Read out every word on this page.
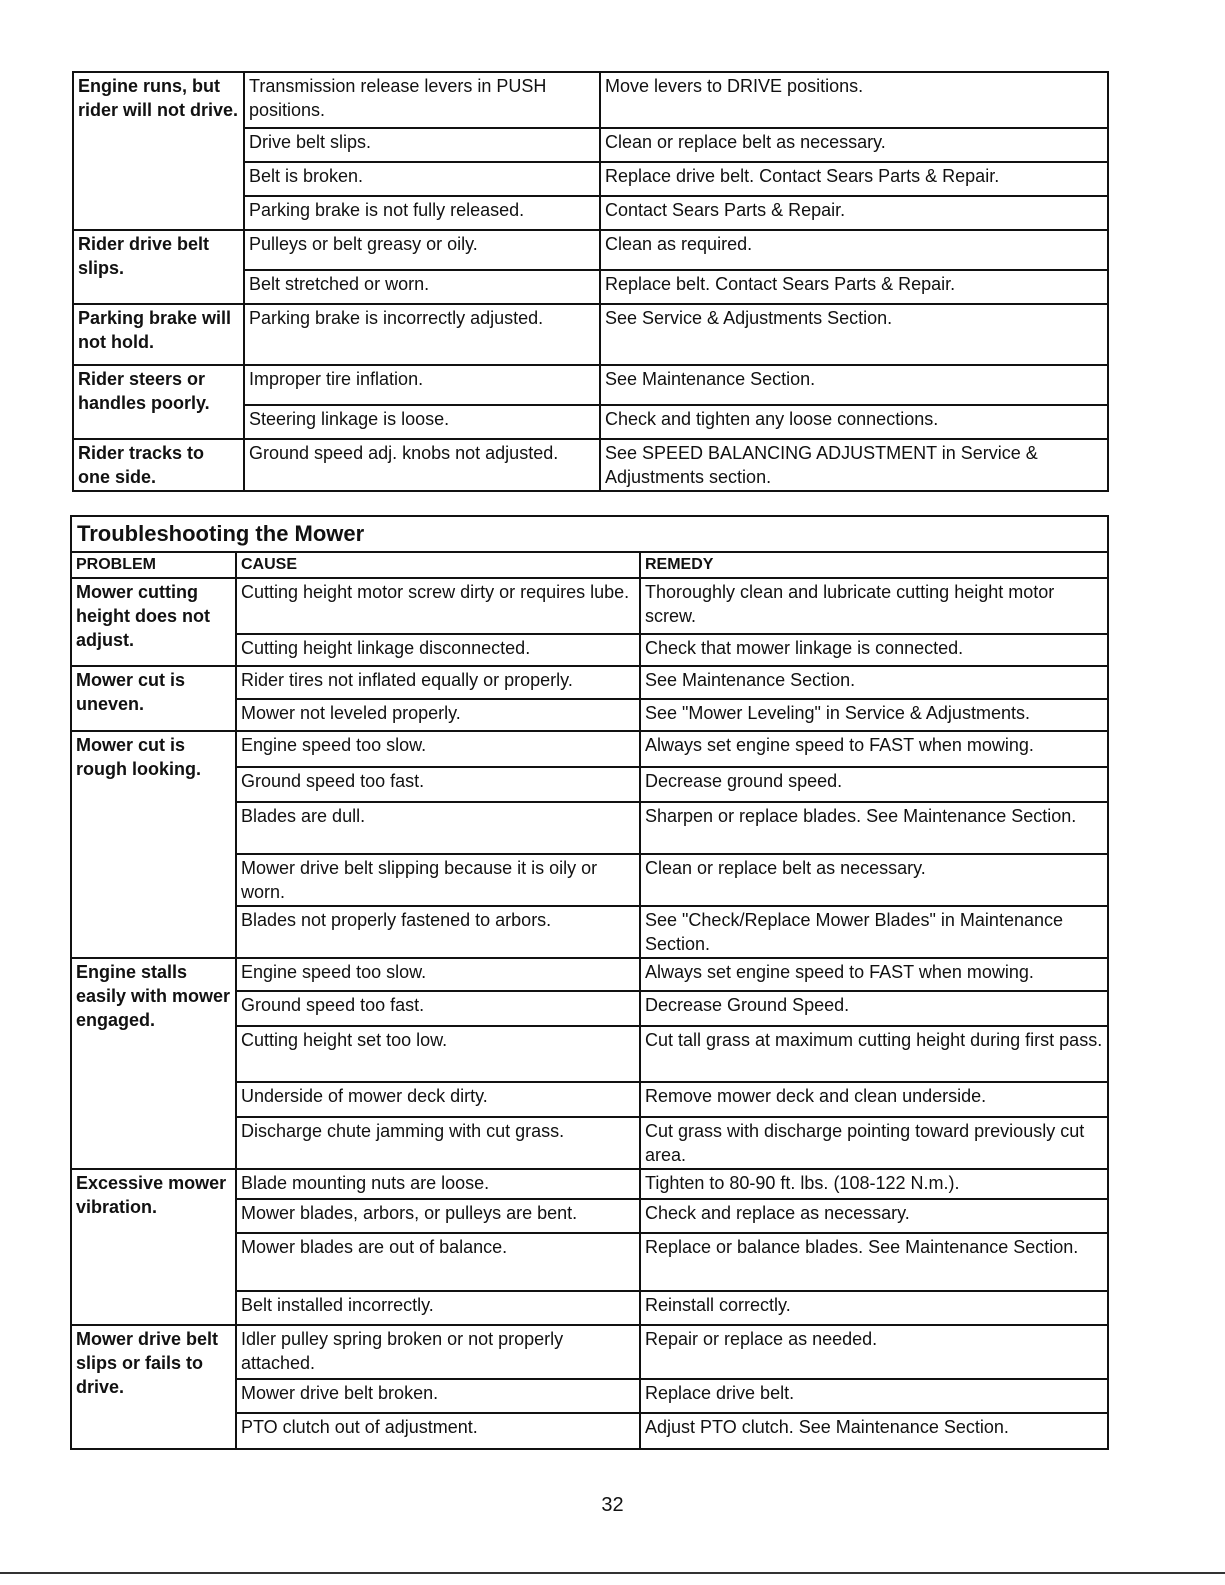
Engine runs, but rider will not drive.	Transmission release levers in PUSH positions.	Move levers to DRIVE positions.
	Drive belt slips.	Clean or replace belt as necessary.
	Belt is broken.	Replace drive belt. Contact Sears Parts & Repair.
	Parking brake is not fully released.	Contact Sears Parts & Repair.
Rider drive belt slips.	Pulleys or belt greasy or oily.	Clean as required.
	Belt stretched or worn.	Replace belt. Contact Sears Parts & Repair.
Parking brake will not hold.	Parking brake is incorrectly adjusted.	See Service & Adjustments Section.
Rider steers or handles poorly.	Improper tire inflation.	See Maintenance Section.
	Steering linkage is loose.	Check and tighten any loose connections.
Rider tracks to one side.	Ground speed adj. knobs not adjusted.	See SPEED BALANCING ADJUSTMENT in Service & Adjustments section.
Troubleshooting the Mower		
PROBLEM	CAUSE	REMEDY
Mower cutting height does not adjust.	Cutting height motor screw dirty or requires lube.	Thoroughly clean and lubricate cutting height motor screw.
	Cutting height linkage disconnected.	Check that mower linkage is connected.
Mower cut is uneven.	Rider tires not inflated equally or properly.	See Maintenance Section.
	Mower not leveled properly.	See "Mower Leveling" in Service & Adjustments.
Mower cut is rough looking.	Engine speed too slow.	Always set engine speed to FAST when mowing.
	Ground speed too fast.	Decrease ground speed.
	Blades are dull.	Sharpen or replace blades. See Maintenance Section.
	Mower drive belt slipping because it is oily or worn.	Clean or replace belt as necessary.
	Blades not properly fastened to arbors.	See "Check/Replace Mower Blades" in Maintenance Section.
Engine stalls easily with mower engaged.	Engine speed too slow.	Always set engine speed to FAST when mowing.
	Ground speed too fast.	Decrease Ground Speed.
	Cutting height set too low.	Cut tall grass at maximum cutting height during first pass.
	Underside of mower deck dirty.	Remove mower deck and clean underside.
	Discharge chute jamming with cut grass.	Cut grass with discharge pointing toward previously cut area.
Excessive mower vibration.	Blade mounting nuts are loose.	Tighten to 80-90 ft. lbs. (108-122 N.m.).
	Mower blades, arbors, or pulleys are bent.	Check and replace as necessary.
	Mower blades are out of balance.	Replace or balance blades. See Maintenance Section.
	Belt installed incorrectly.	Reinstall correctly.
Mower drive belt slips or fails to drive.	Idler pulley spring broken or not properly attached.	Repair or replace as needed.
	Mower drive belt broken.	Replace drive belt.
	PTO clutch out of adjustment.	Adjust PTO clutch. See Maintenance Section.
32
